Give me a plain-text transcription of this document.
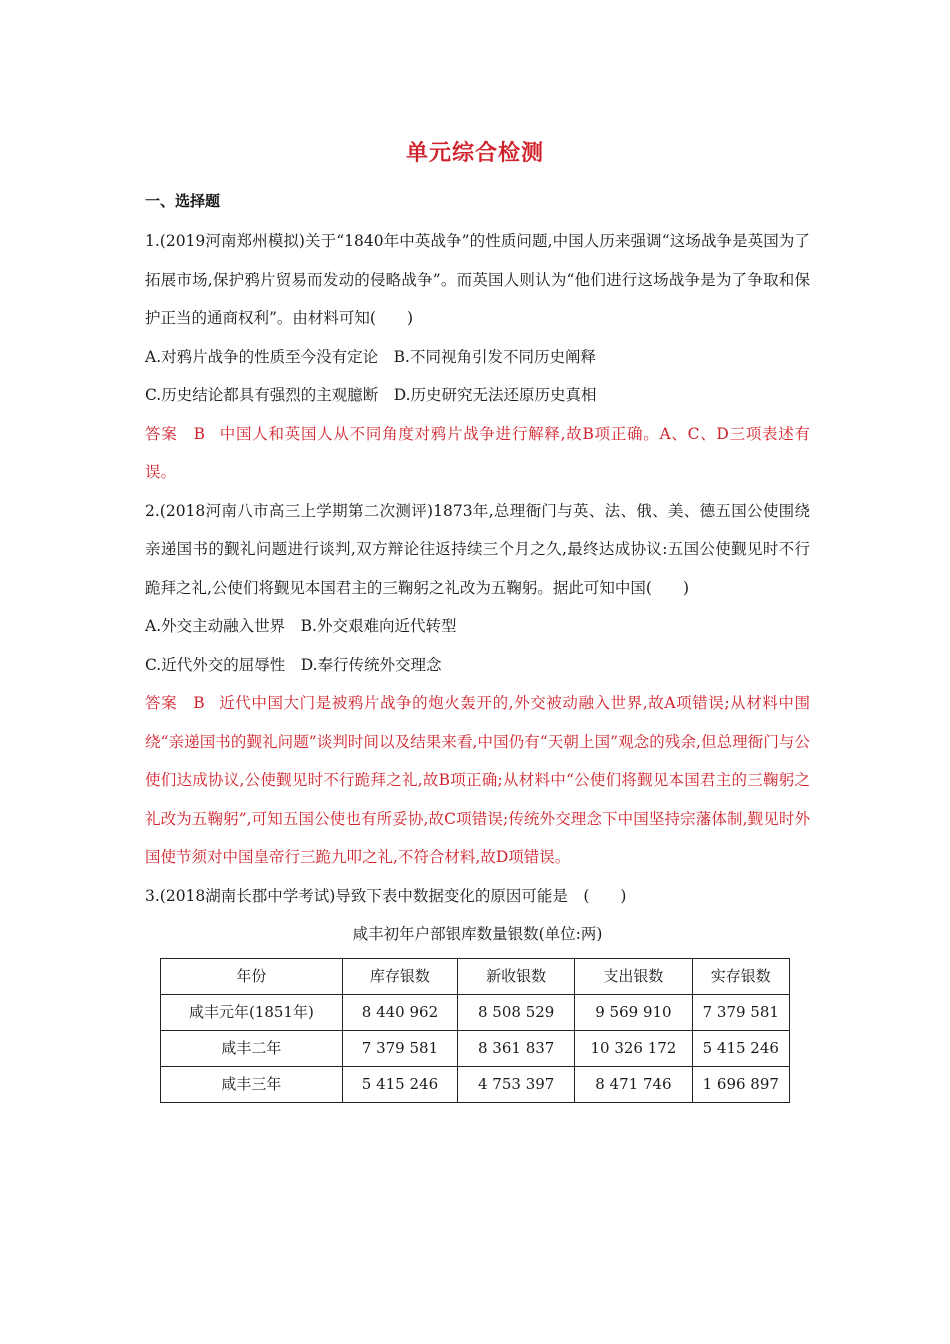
单元综合检测
一、选择题

1.(2019河南郑州模拟)关于“1840年中英战争”的性质问题,中国人历来强调“这场战争是英国为了拓展市场,保护鸦片贸易而发动的侵略战争”。而英国人则认为“他们进行这场战争是为了争取和保护正当的通商权利”。由材料可知(　　)

A.对鸦片战争的性质至今没有定论　B.不同视角引发不同历史阐释

C.历史结论都具有强烈的主观臆断　D.历史研究无法还原历史真相

答案　B 中国人和英国人从不同角度对鸦片战争进行解释,故B项正确。A、C、D三项表述有误。

2.(2018河南八市高三上学期第二次测评)1873年,总理衙门与英、法、俄、美、德五国公使围绕亲递国书的觐礼问题进行谈判,双方辩论往返持续三个月之久,最终达成协议:五国公使觐见时不行跪拜之礼,公使们将觐见本国君主的三鞠躬之礼改为五鞠躬。据此可知中国(　　)

A.外交主动融入世界　B.外交艰难向近代转型

C.近代外交的屈辱性　D.奉行传统外交理念

答案　B 近代中国大门是被鸦片战争的炮火轰开的,外交被动融入世界,故A项错误;从材料中围绕“亲递国书的觐礼问题”谈判时间以及结果来看,中国仍有“天朝上国”观念的残余,但总理衙门与公使们达成协议,公使觐见时不行跪拜之礼,故B项正确;从材料中“公使们将觐见本国君主的三鞠躬之礼改为五鞠躬”,可知五国公使也有所妥协,故C项错误;传统外交理念下中国坚持宗藩体制,觐见时外国使节须对中国皇帝行三跪九叩之礼,不符合材料,故D项错误。

3.(2018湖南长郡中学考试)导致下表中数据变化的原因可能是　(　　)

咸丰初年户部银库数量银数(单位:两)

年份	库存银数	新收银数	支出银数	实存银数
咸丰元年(1851年)	8 440 962	8 508 529	9 569 910	7 379 581
咸丰二年	7 379 581	8 361 837	10 326 172	5 415 246
咸丰三年	5 415 246	4 753 397	8 471 746	1 696 897
